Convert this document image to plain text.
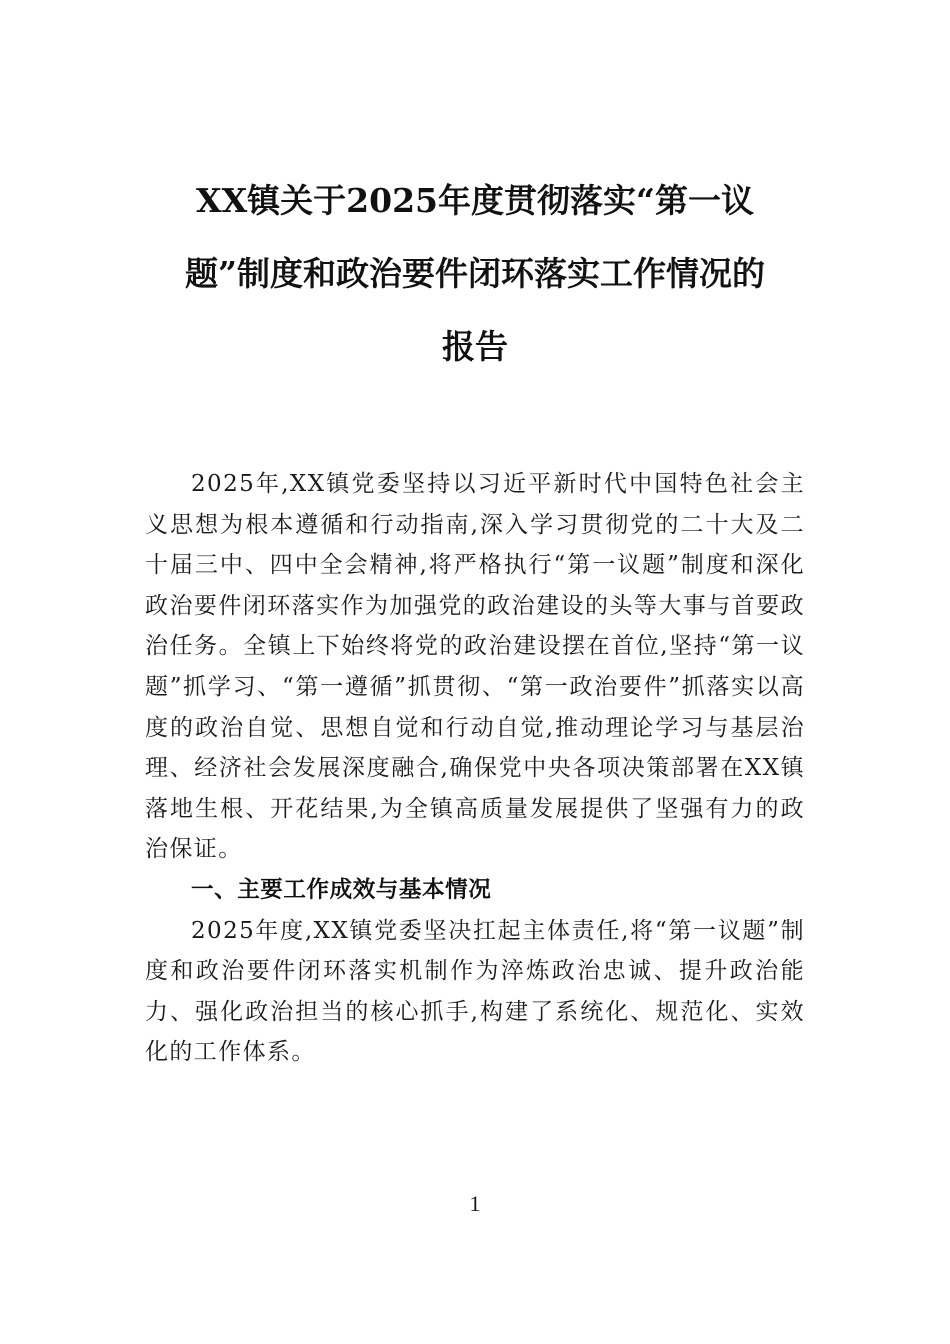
XX镇关于2025年度贯彻落实“第一议
题”制度和政治要件闭环落实工作情况的
报告

2025年,XX镇党委坚持以习近平新时代中国特色社会主义思想为根本遵循和行动指南,深入学习贯彻党的二十大及二十届三中、四中全会精神,将严格执行“第一议题”制度和深化政治要件闭环落实作为加强党的政治建设的头等大事与首要政治任务。全镇上下始终将党的政治建设摆在首位,坚持“第一议题”抓学习、“第一遵循”抓贯彻、“第一政治要件”抓落实以高度的政治自觉、思想自觉和行动自觉,推动理论学习与基层治理、经济社会发展深度融合,确保党中央各项决策部署在XX镇落地生根、开花结果,为全镇高质量发展提供了坚强有力的政治保证。

一、主要工作成效与基本情况

2025年度,XX镇党委坚决扛起主体责任,将“第一议题”制度和政治要件闭环落实机制作为淬炼政治忠诚、提升政治能力、强化政治担当的核心抓手,构建了系统化、规范化、实效化的工作体系。

1
